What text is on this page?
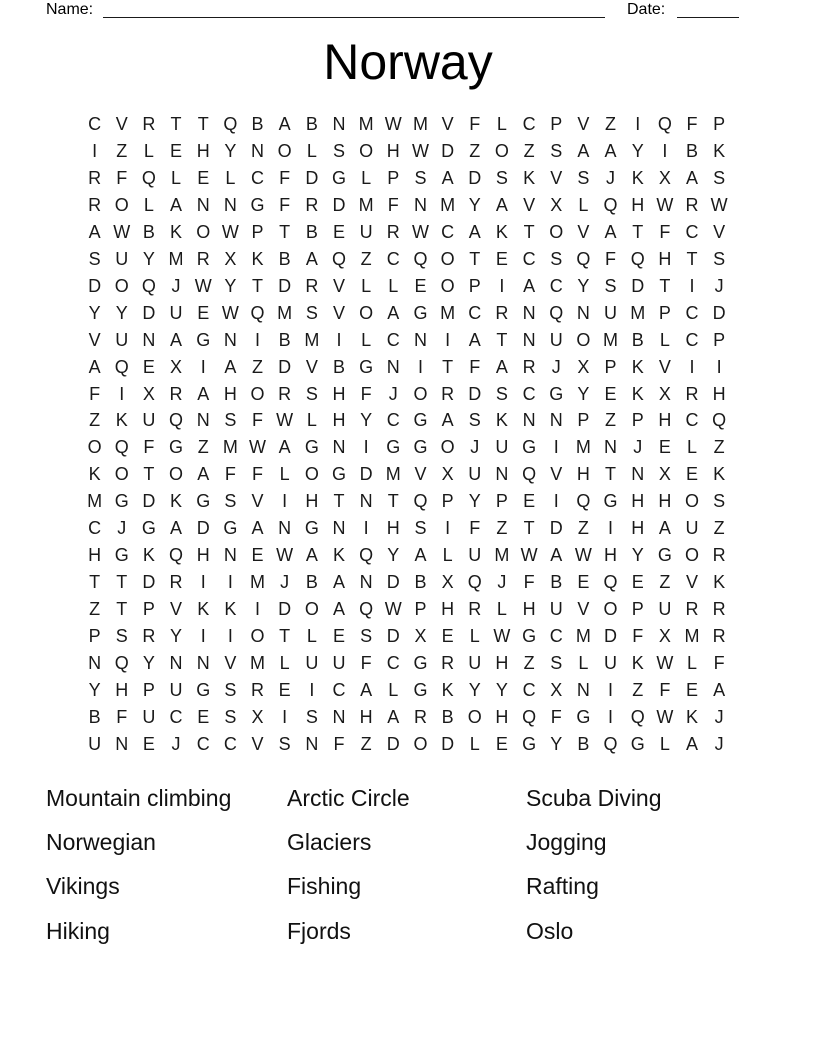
Name:	Date:
Norway
C V R T T Q B A B N M W M V F L C P V Z	I Q F P
I	Z L E H Y N O L S O H W D Z O Z S A A Y	I	B K
R F Q L E L C F D G L P S A D S K V S J K X A S
R O L A N N G F R D M F N M Y A V X L Q H W R W
A W B K O W P T B E U R W C A K T O V A T F C V
S U Y M R X K B A Q Z C Q O T E C S Q F Q H T S
D O Q J W Y T D R V L L E O P	I	A C Y S D T	I	J
Y Y D U E W Q M S V O A G M C R N Q N U M P C D
V U N A G N	I	B M I	L C N	I	A T N U O M B L C P
A Q E X	I	A Z D V B G N	I	T F A R J X P K V	I	I
F	I	X R A H O R S H F J O R D S C G Y E K X R H
Z K U Q N S F W L H Y C G A S K N N P Z P H C Q
O Q F G Z M W A G N	I G G O J U G I M N J E L Z
K O T O A F F L O G D M V X U N Q V H T N X E K
M G D K G S V	I	H T N T Q P Y P E	I Q G H H O S
C J G A D G A N G N	I	H S	I	F Z T D Z	I	H A U Z
H G K Q H N E W A K Q Y A L U M W A W H Y G O R
T T D R	I	I M J B A N D B X Q J F B E Q E Z V K
Z T P V K K	I	D O A Q W P H R L H U V O P U R R
P S R Y	I	I O T L E S D X E L W G C M D F X M R
N Q Y N N V M L U U F C G R U H Z S L U K W L F
Y H P U G S R E	I	C A L G K Y Y C X N	I	Z F E A
B F U C E S X	I	S N H A R B O H Q F G I Q W K J
U N E J C C V S N F Z D O D L E G Y B Q G L A J
Mountain climbing
Norwegian
Vikings
Hiking
Arctic Circle
Glaciers
Fishing
Fjords
Scuba Diving
Jogging
Rafting
Oslo
